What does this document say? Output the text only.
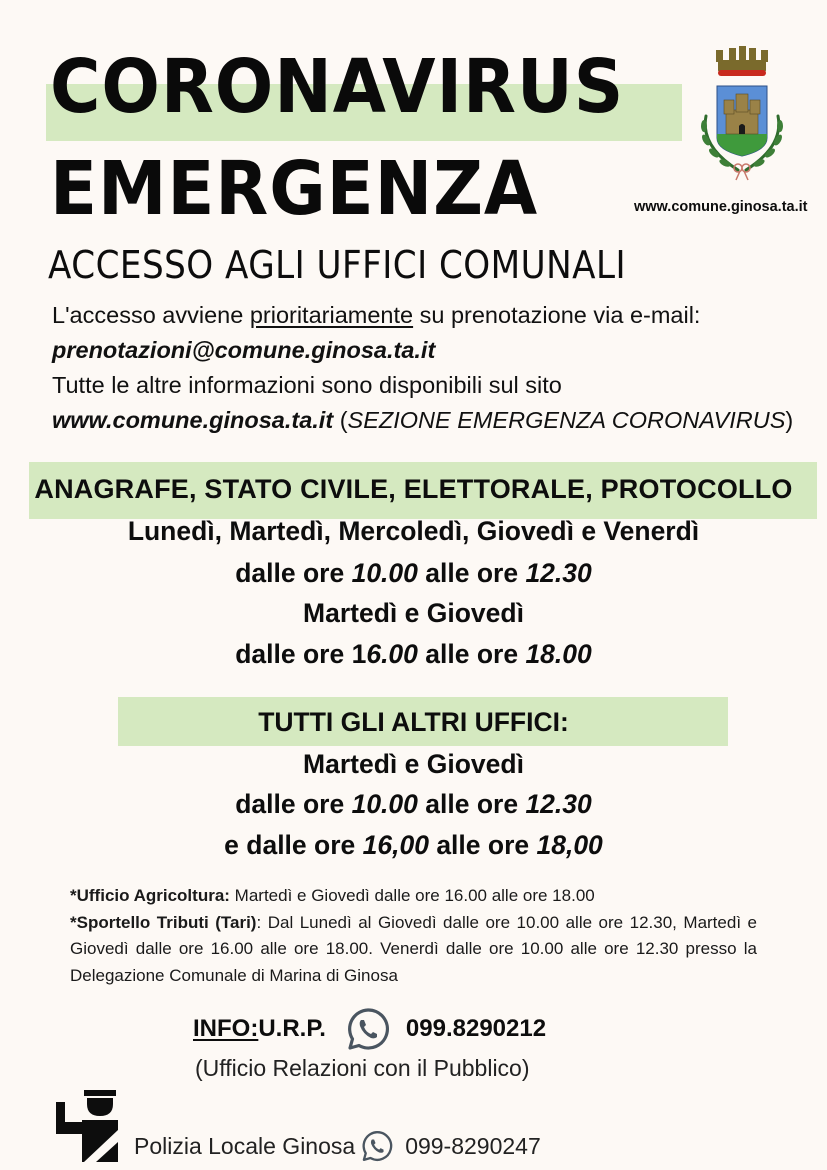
CORONAVIRUS
EMERGENZA
ACCESSO AGLI UFFICI COMUNALI
www.comune.ginosa.ta.it
L'accesso avviene prioritariamente su prenotazione via e-mail:
prenotazioni@comune.ginosa.ta.it
Tutte le altre informazioni sono disponibili sul sito
www.comune.ginosa.ta.it (SEZIONE EMERGENZA CORONAVIRUS)
ANAGRAFE, STATO CIVILE, ELETTORALE, PROTOCOLLO
Lunedì, Martedì, Mercoledì, Giovedì e Venerdì
dalle ore 10.00 alle ore 12.30
Martedì e Giovedì
dalle ore 16.00 alle ore 18.00
TUTTI GLI ALTRI UFFICI:
Martedì e Giovedì
dalle ore 10.00 alle ore 12.30
e dalle ore 16,00 alle ore 18,00
*Ufficio Agricoltura: Martedì e Giovedì dalle ore 16.00 alle ore 18.00
*Sportello Tributi (Tari): Dal Lunedì al Giovedì dalle ore 10.00 alle ore 12.30, Martedì e Giovedì dalle ore 16.00 alle ore 18.00. Venerdì dalle ore 10.00 alle ore 12.30 presso la Delegazione Comunale di Marina di Ginosa
INFO: U.R.P.	099.8290212
(Ufficio Relazioni con il Pubblico)
Polizia Locale Ginosa 099-8290247
